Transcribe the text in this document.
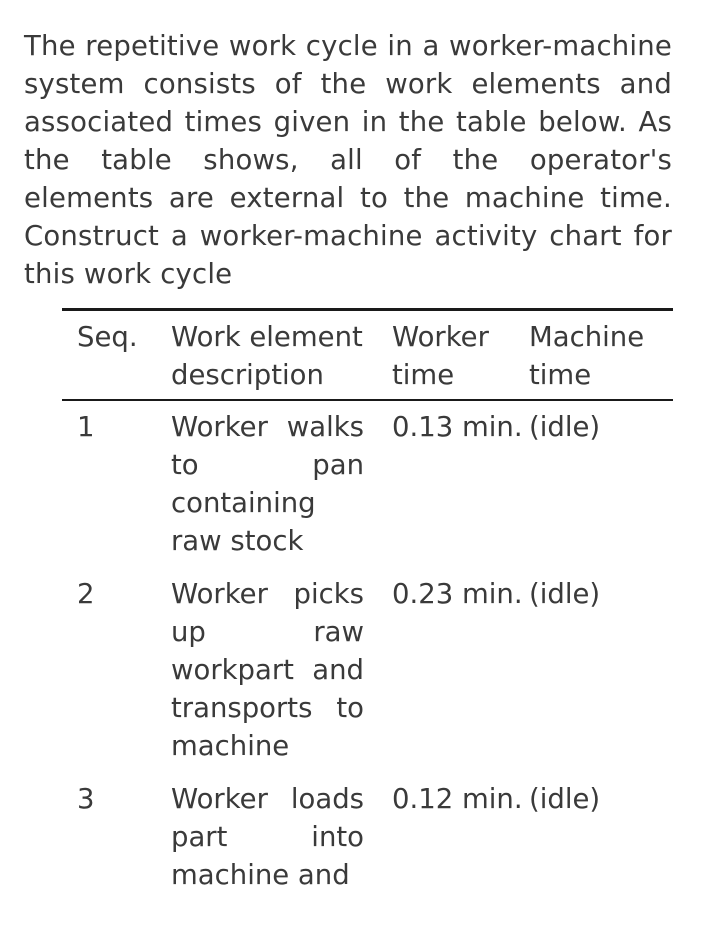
The repetitive work cycle in a worker-machine system consists of the work elements and associated times given in the table below. As the table shows, all of the operator's elements are external to the machine time. Construct a worker-machine activity chart for this work cycle

Seq.	Work element description	Worker time	Machine time
1	Worker walks to pan containing raw stock	0.13 min.	(idle)
2	Worker picks up raw workpart and transports to machine	0.23 min.	(idle)
3	Worker loads part into machine and	0.12 min.	(idle)
